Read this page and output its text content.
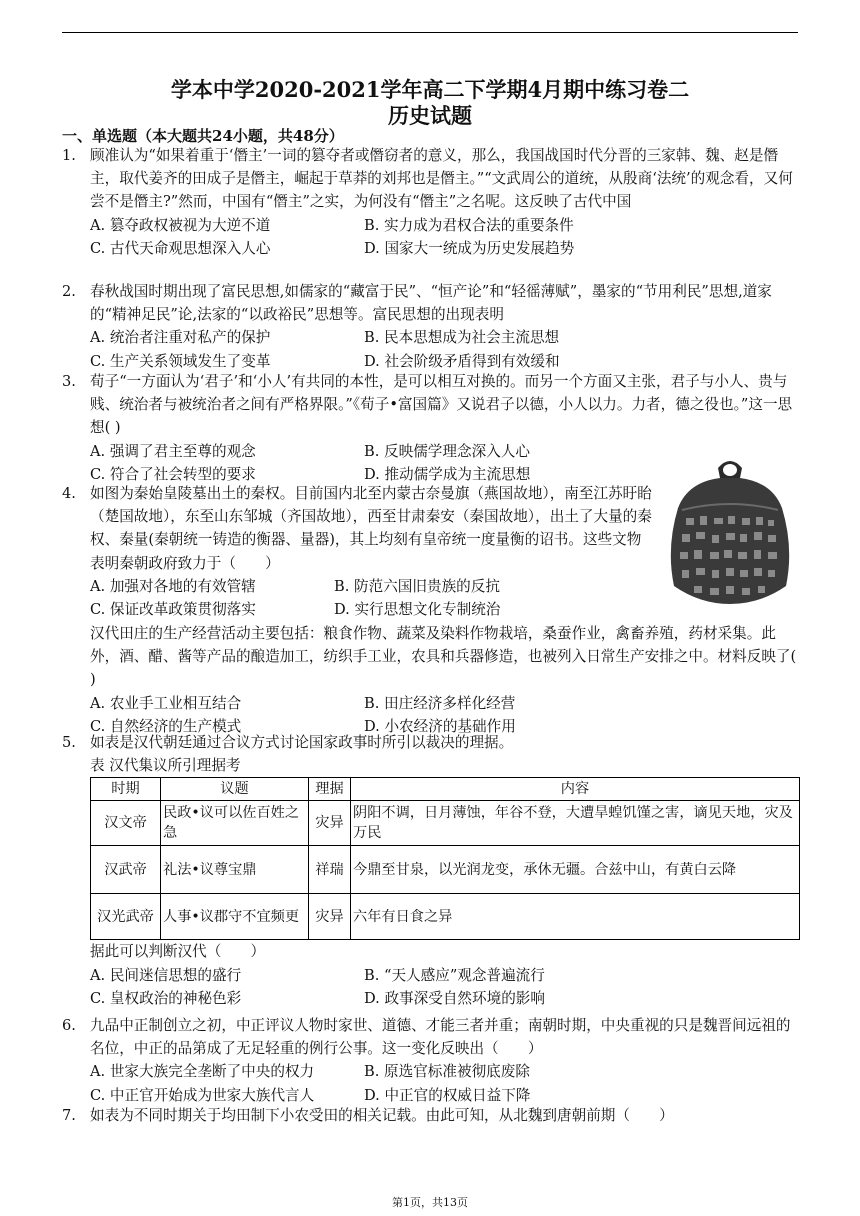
学本中学2020-2021学年高二下学期4月期中练习卷二
历史试题
一、单选题（本大题共24小题，共48分）
1. 顾准认为“如果着重于‘僭主’一词的篡夺者或僭窃者的意义，那么，我国战国时代分晋的三家韩、魏、赵是僭主，取代姜齐的田成子是僭主，崛起于草莽的刘邦也是僭主。”“文武周公的道统，从殷商‘法统’的观念看，又何尝不是僭主?”然而，中国有“僭主”之实，为何没有“僭主”之名呢。这反映了古代中国
A. 篡夺政权被视为大逆不道	B. 实力成为君权合法的重要条件
C. 古代天命观思想深入人心	D. 国家大一统成为历史发展趋势
2. 春秋战国时期出现了富民思想,如儒家的“藏富于民”、“恒产论”和“轻徭薄赋”，墨家的“节用利民”思想,道家的“精神足民”论,法家的“以政裕民”思想等。富民思想的出现表明
A. 统治者注重对私产的保护	B. 民本思想成为社会主流思想
C. 生产关系领域发生了变革	D. 社会阶级矛盾得到有效缓和
3. 荀子“一方面认为‘君子’和‘小人’有共同的本性，是可以相互对换的。而另一个方面又主张，君子与小人、贵与贱、统治者与被统治者之间有严格界限。”《荀子•富国篇》又说君子以德，小人以力。力者，德之役也。”这一思想( )
A. 强调了君主至尊的观念	B. 反映儒学理念深入人心
C. 符合了社会转型的要求	D. 推动儒学成为主流思想
4. 如图为秦始皇陵墓出土的秦权。目前国内北至内蒙古奈曼旗（燕国故地），南至江苏盱眙（楚国故地），东至山东邹城（齐国故地），西至甘肃秦安（秦国故地），出土了大量的秦权、秦量(秦朝统一铸造的衡器、量器)，其上均刻有皇帝统一度量衡的诏书。这些文物表明秦朝政府致力于（　　）
A. 加强对各地的有效管辖	B. 防范六国旧贵族的反抗
C. 保证改革政策贯彻落实	D. 实行思想文化专制统治
汉代田庄的生产经营活动主要包括：粮食作物、蔬菜及染料作物栽培，桑蚕作业，禽畜养殖，药材采集。此外，酒、醋、酱等产品的酿造加工，纺织手工业，农具和兵器修造，也被列入日常生产安排之中。材料反映了( )
A. 农业手工业相互结合	B. 田庄经济多样化经营
C. 自然经济的生产模式	D. 小农经济的基础作用
5. 如表是汉代朝廷通过合议方式讨论国家政事时所引以裁决的理据。
表 汉代集议所引理据考
时期	议题	理据	内容
汉文帝	民政•议可以佐百姓之急	灾异	阴阳不调，日月薄蚀，年谷不登，大遭旱蝗饥馑之害，谪见天地，灾及万民
汉武帝	礼法•议尊宝鼎	祥瑞	今鼎至甘泉，以光润龙变，承休无疆。合兹中山，有黄白云降
汉光武帝	人事•议郡守不宜频更	灾异	六年有日食之异
据此可以判断汉代（　　）
A. 民间迷信思想的盛行	B. “天人感应”观念普遍流行
C. 皇权政治的神秘色彩	D. 政事深受自然环境的影响
6. 九品中正制创立之初，中正评议人物时家世、道德、才能三者并重；南朝时期，中央重视的只是魏晋间远祖的名位，中正的品第成了无足轻重的例行公事。这一变化反映出（　　）
A. 世家大族完全垄断了中央的权力	B. 原选官标准被彻底废除
C. 中正官开始成为世家大族代言人	D. 中正官的权威日益下降
7. 如表为不同时期关于均田制下小农受田的相关记载。由此可知，从北魏到唐朝前期（　　）
第1页，共13页
